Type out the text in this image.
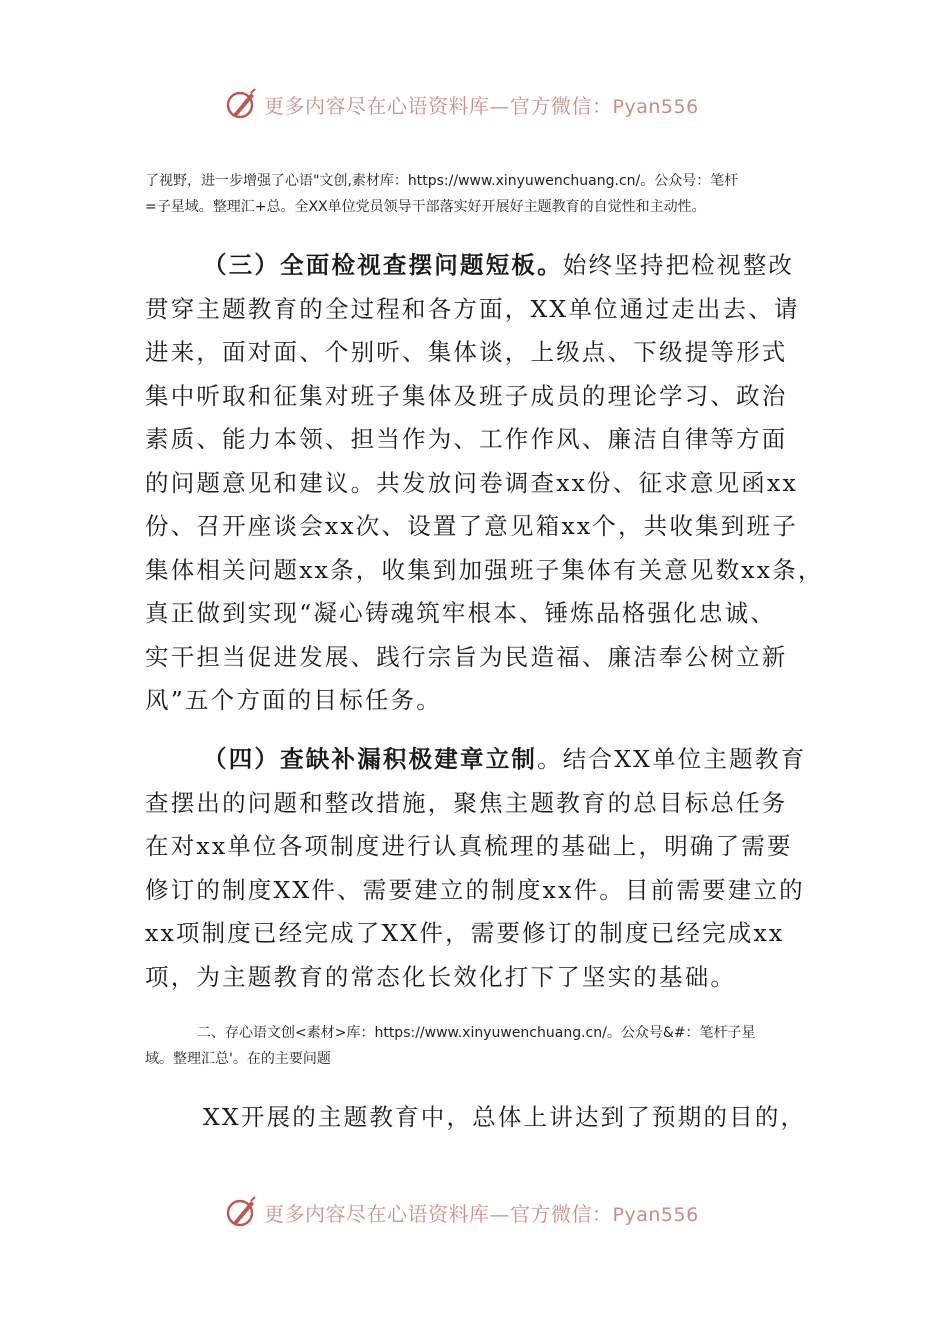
更多内容尽在心语资料库—官方微信：Pyan556
了视野，进一步增强了心语"文创,素材库：https://www.xinyuwenchuang.cn/。公众号：笔杆
=子星域。整理汇+总。全XX单位党员领导干部落实好开展好主题教育的自觉性和主动性。
（三）全面检视查摆问题短板。始终坚持把检视整改
贯穿主题教育的全过程和各方面，XX单位通过走出去、请
进来，面对面、个别听、集体谈，上级点、下级提等形式
集中听取和征集对班子集体及班子成员的理论学习、政治
素质、能力本领、担当作为、工作作风、廉洁自律等方面
的问题意见和建议。共发放问卷调查xx份、征求意见函xx
份、召开座谈会xx次、设置了意见箱xx个，共收集到班子
集体相关问题xx条，收集到加强班子集体有关意见数xx条，
真正做到实现“凝心铸魂筑牢根本、锤炼品格强化忠诚、
实干担当促进发展、践行宗旨为民造福、廉洁奉公树立新
风”五个方面的目标任务。
（四）查缺补漏积极建章立制。结合XX单位主题教育
查摆出的问题和整改措施，聚焦主题教育的总目标总任务
在对xx单位各项制度进行认真梳理的基础上，明确了需要
修订的制度XX件、需要建立的制度xx件。目前需要建立的
xx项制度已经完成了XX件，需要修订的制度已经完成xx
项，为主题教育的常态化长效化打下了坚实的基础。
二、存心语文创<素材>库：https://www.xinyuwenchuang.cn/。公众号&#：笔杆子星
域。整理汇总'。在的主要问题
XX开展的主题教育中，总体上讲达到了预期的目的，
更多内容尽在心语资料库—官方微信：Pyan556
